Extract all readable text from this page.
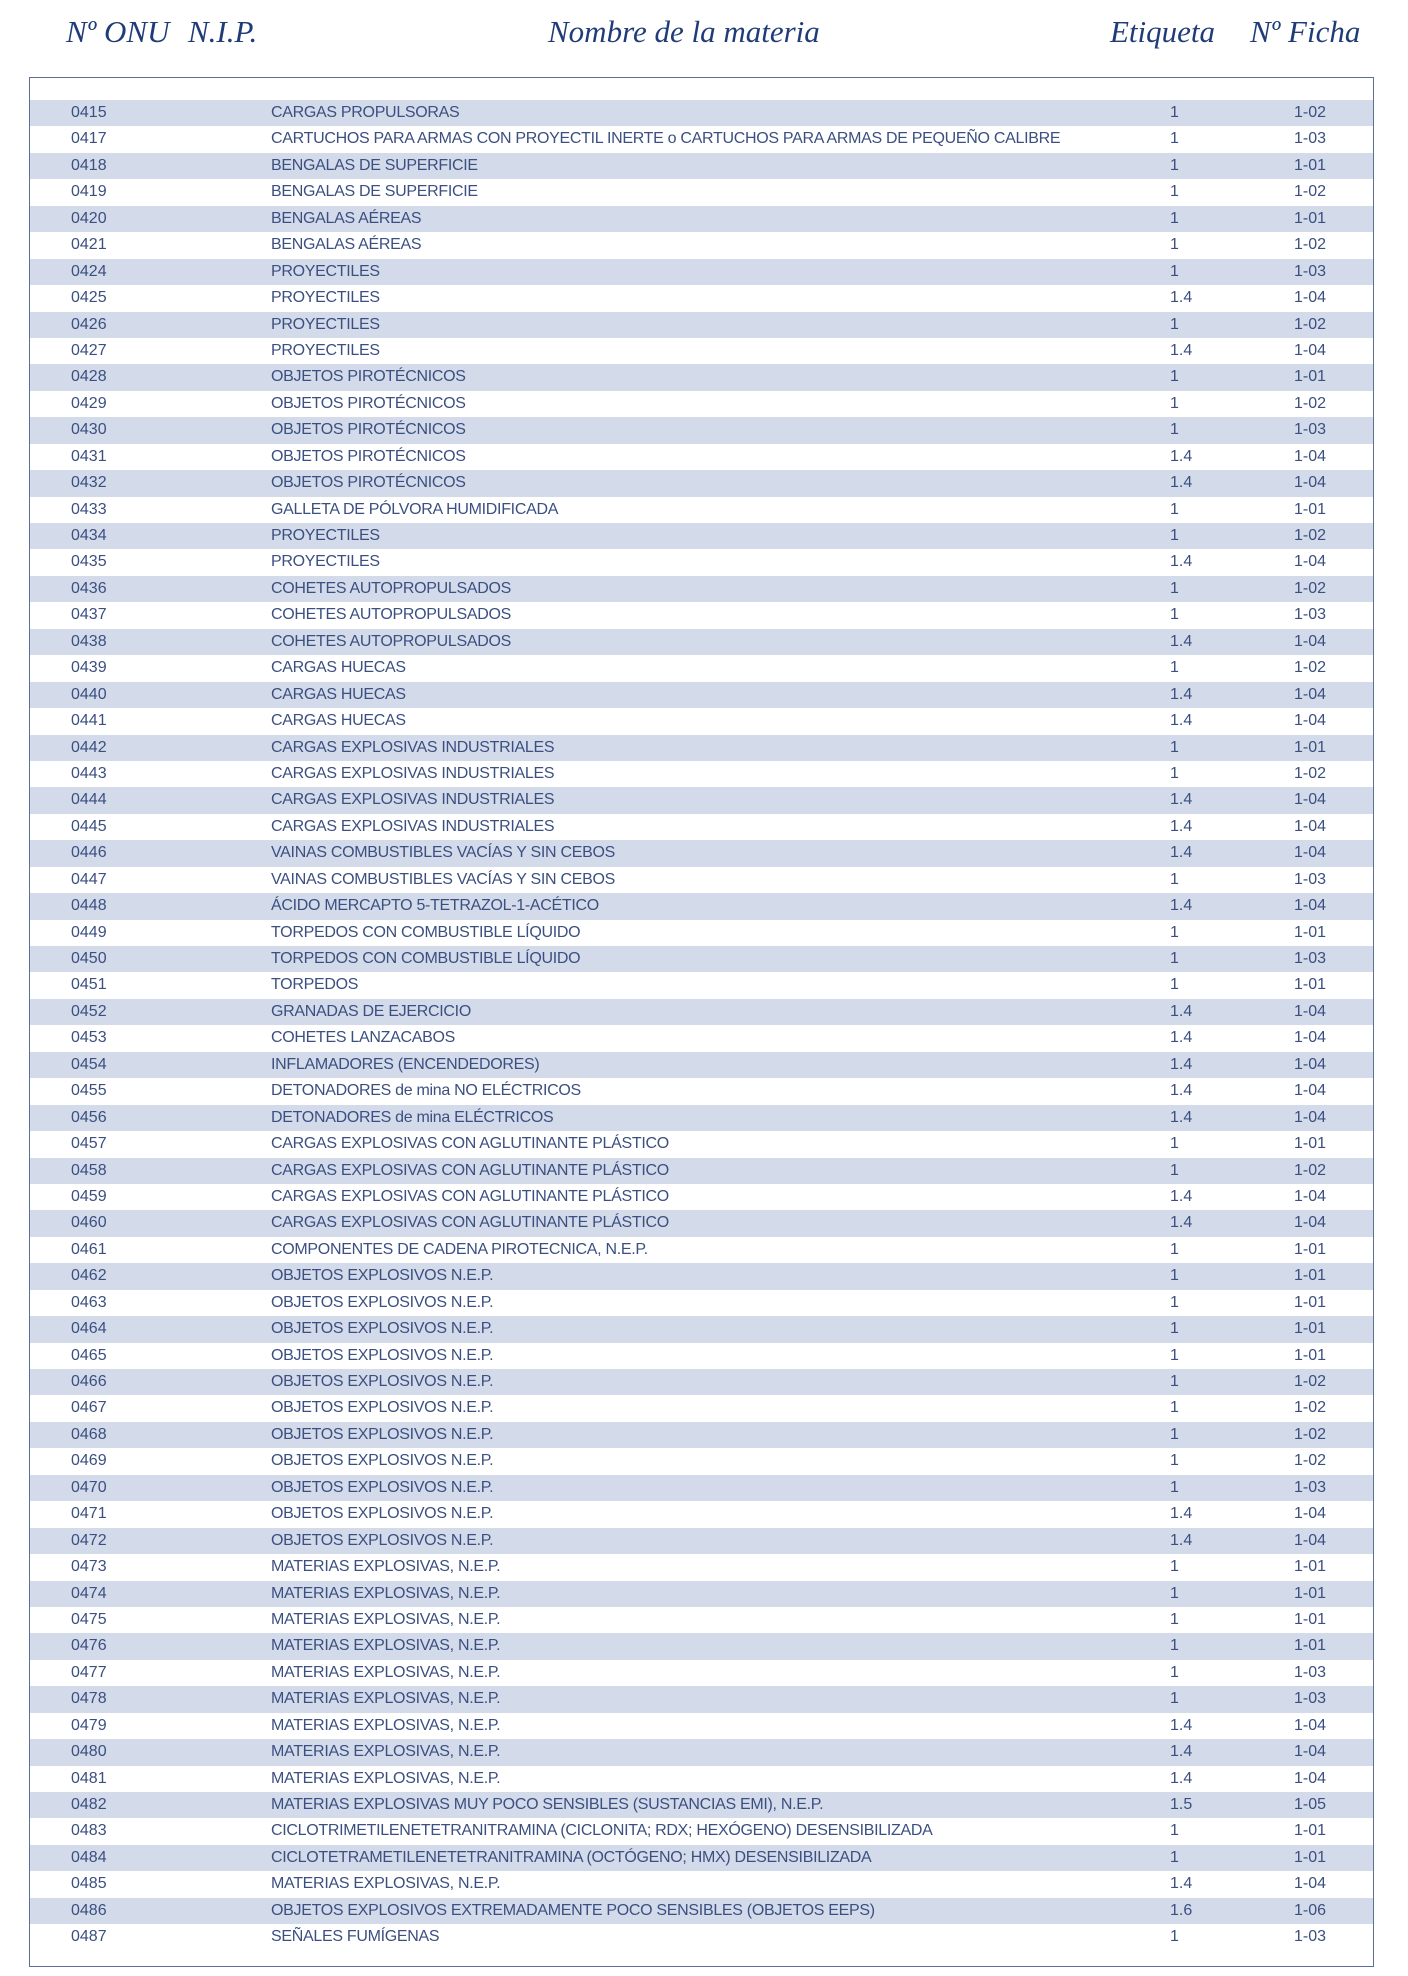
Nº ONU N.I.P.	Nombre de la materia	Etiqueta Nº Ficha
0415	CARGAS PROPULSORAS	1	1-02
0417	CARTUCHOS PARA ARMAS CON PROYECTIL INERTE o CARTUCHOS PARA ARMAS DE PEQUEÑO CALIBRE	1	1-03
0418	BENGALAS DE SUPERFICIE	1	1-01
0419	BENGALAS DE SUPERFICIE	1	1-02
0420	BENGALAS AÉREAS	1	1-01
0421	BENGALAS AÉREAS	1	1-02
0424	PROYECTILES	1	1-03
0425	PROYECTILES	1.4	1-04
0426	PROYECTILES	1	1-02
0427	PROYECTILES	1.4	1-04
0428	OBJETOS PIROTÉCNICOS	1	1-01
0429	OBJETOS PIROTÉCNICOS	1	1-02
0430	OBJETOS PIROTÉCNICOS	1	1-03
0431	OBJETOS PIROTÉCNICOS	1.4	1-04
0432	OBJETOS PIROTÉCNICOS	1.4	1-04
0433	GALLETA DE PÓLVORA HUMIDIFICADA	1	1-01
0434	PROYECTILES	1	1-02
0435	PROYECTILES	1.4	1-04
0436	COHETES AUTOPROPULSADOS	1	1-02
0437	COHETES AUTOPROPULSADOS	1	1-03
0438	COHETES AUTOPROPULSADOS	1.4	1-04
0439	CARGAS HUECAS	1	1-02
0440	CARGAS HUECAS	1.4	1-04
0441	CARGAS HUECAS	1.4	1-04
0442	CARGAS EXPLOSIVAS INDUSTRIALES	1	1-01
0443	CARGAS EXPLOSIVAS INDUSTRIALES	1	1-02
0444	CARGAS EXPLOSIVAS INDUSTRIALES	1.4	1-04
0445	CARGAS EXPLOSIVAS INDUSTRIALES	1.4	1-04
0446	VAINAS COMBUSTIBLES VACÍAS Y SIN CEBOS	1.4	1-04
0447	VAINAS COMBUSTIBLES VACÍAS Y SIN CEBOS	1	1-03
0448	ÁCIDO MERCAPTO 5-TETRAZOL-1-ACÉTICO	1.4	1-04
0449	TORPEDOS CON COMBUSTIBLE LÍQUIDO	1	1-01
0450	TORPEDOS CON COMBUSTIBLE LÍQUIDO	1	1-03
0451	TORPEDOS	1	1-01
0452	GRANADAS DE EJERCICIO	1.4	1-04
0453	COHETES LANZACABOS	1.4	1-04
0454	INFLAMADORES (ENCENDEDORES)	1.4	1-04
0455	DETONADORES de mina NO ELÉCTRICOS	1.4	1-04
0456	DETONADORES de mina ELÉCTRICOS	1.4	1-04
0457	CARGAS EXPLOSIVAS CON AGLUTINANTE PLÁSTICO	1	1-01
0458	CARGAS EXPLOSIVAS CON AGLUTINANTE PLÁSTICO	1	1-02
0459	CARGAS EXPLOSIVAS CON AGLUTINANTE PLÁSTICO	1.4	1-04
0460	CARGAS EXPLOSIVAS CON AGLUTINANTE PLÁSTICO	1.4	1-04
0461	COMPONENTES DE CADENA PIROTECNICA, N.E.P.	1	1-01
0462	OBJETOS EXPLOSIVOS N.E.P.	1	1-01
0463	OBJETOS EXPLOSIVOS N.E.P.	1	1-01
0464	OBJETOS EXPLOSIVOS N.E.P.	1	1-01
0465	OBJETOS EXPLOSIVOS N.E.P.	1	1-01
0466	OBJETOS EXPLOSIVOS N.E.P.	1	1-02
0467	OBJETOS EXPLOSIVOS N.E.P.	1	1-02
0468	OBJETOS EXPLOSIVOS N.E.P.	1	1-02
0469	OBJETOS EXPLOSIVOS N.E.P.	1	1-02
0470	OBJETOS EXPLOSIVOS N.E.P.	1	1-03
0471	OBJETOS EXPLOSIVOS N.E.P.	1.4	1-04
0472	OBJETOS EXPLOSIVOS N.E.P.	1.4	1-04
0473	MATERIAS EXPLOSIVAS, N.E.P.	1	1-01
0474	MATERIAS EXPLOSIVAS, N.E.P.	1	1-01
0475	MATERIAS EXPLOSIVAS, N.E.P.	1	1-01
0476	MATERIAS EXPLOSIVAS, N.E.P.	1	1-01
0477	MATERIAS EXPLOSIVAS, N.E.P.	1	1-03
0478	MATERIAS EXPLOSIVAS, N.E.P.	1	1-03
0479	MATERIAS EXPLOSIVAS, N.E.P.	1.4	1-04
0480	MATERIAS EXPLOSIVAS, N.E.P.	1.4	1-04
0481	MATERIAS EXPLOSIVAS, N.E.P.	1.4	1-04
0482	MATERIAS EXPLOSIVAS MUY POCO SENSIBLES (SUSTANCIAS EMI), N.E.P.	1.5	1-05
0483	CICLOTRIMETILENETETRANITRAMINA (CICLONITA; RDX; HEXÓGENO) DESENSIBILIZADA	1	1-01
0484	CICLOTETRAMETILENETETRANITRAMINA (OCTÓGENO; HMX) DESENSIBILIZADA	1	1-01
0485	MATERIAS EXPLOSIVAS, N.E.P.	1.4	1-04
0486	OBJETOS EXPLOSIVOS EXTREMADAMENTE POCO SENSIBLES (OBJETOS EEPS)	1.6	1-06
0487	SEÑALES FUMÍGENAS	1	1-03
